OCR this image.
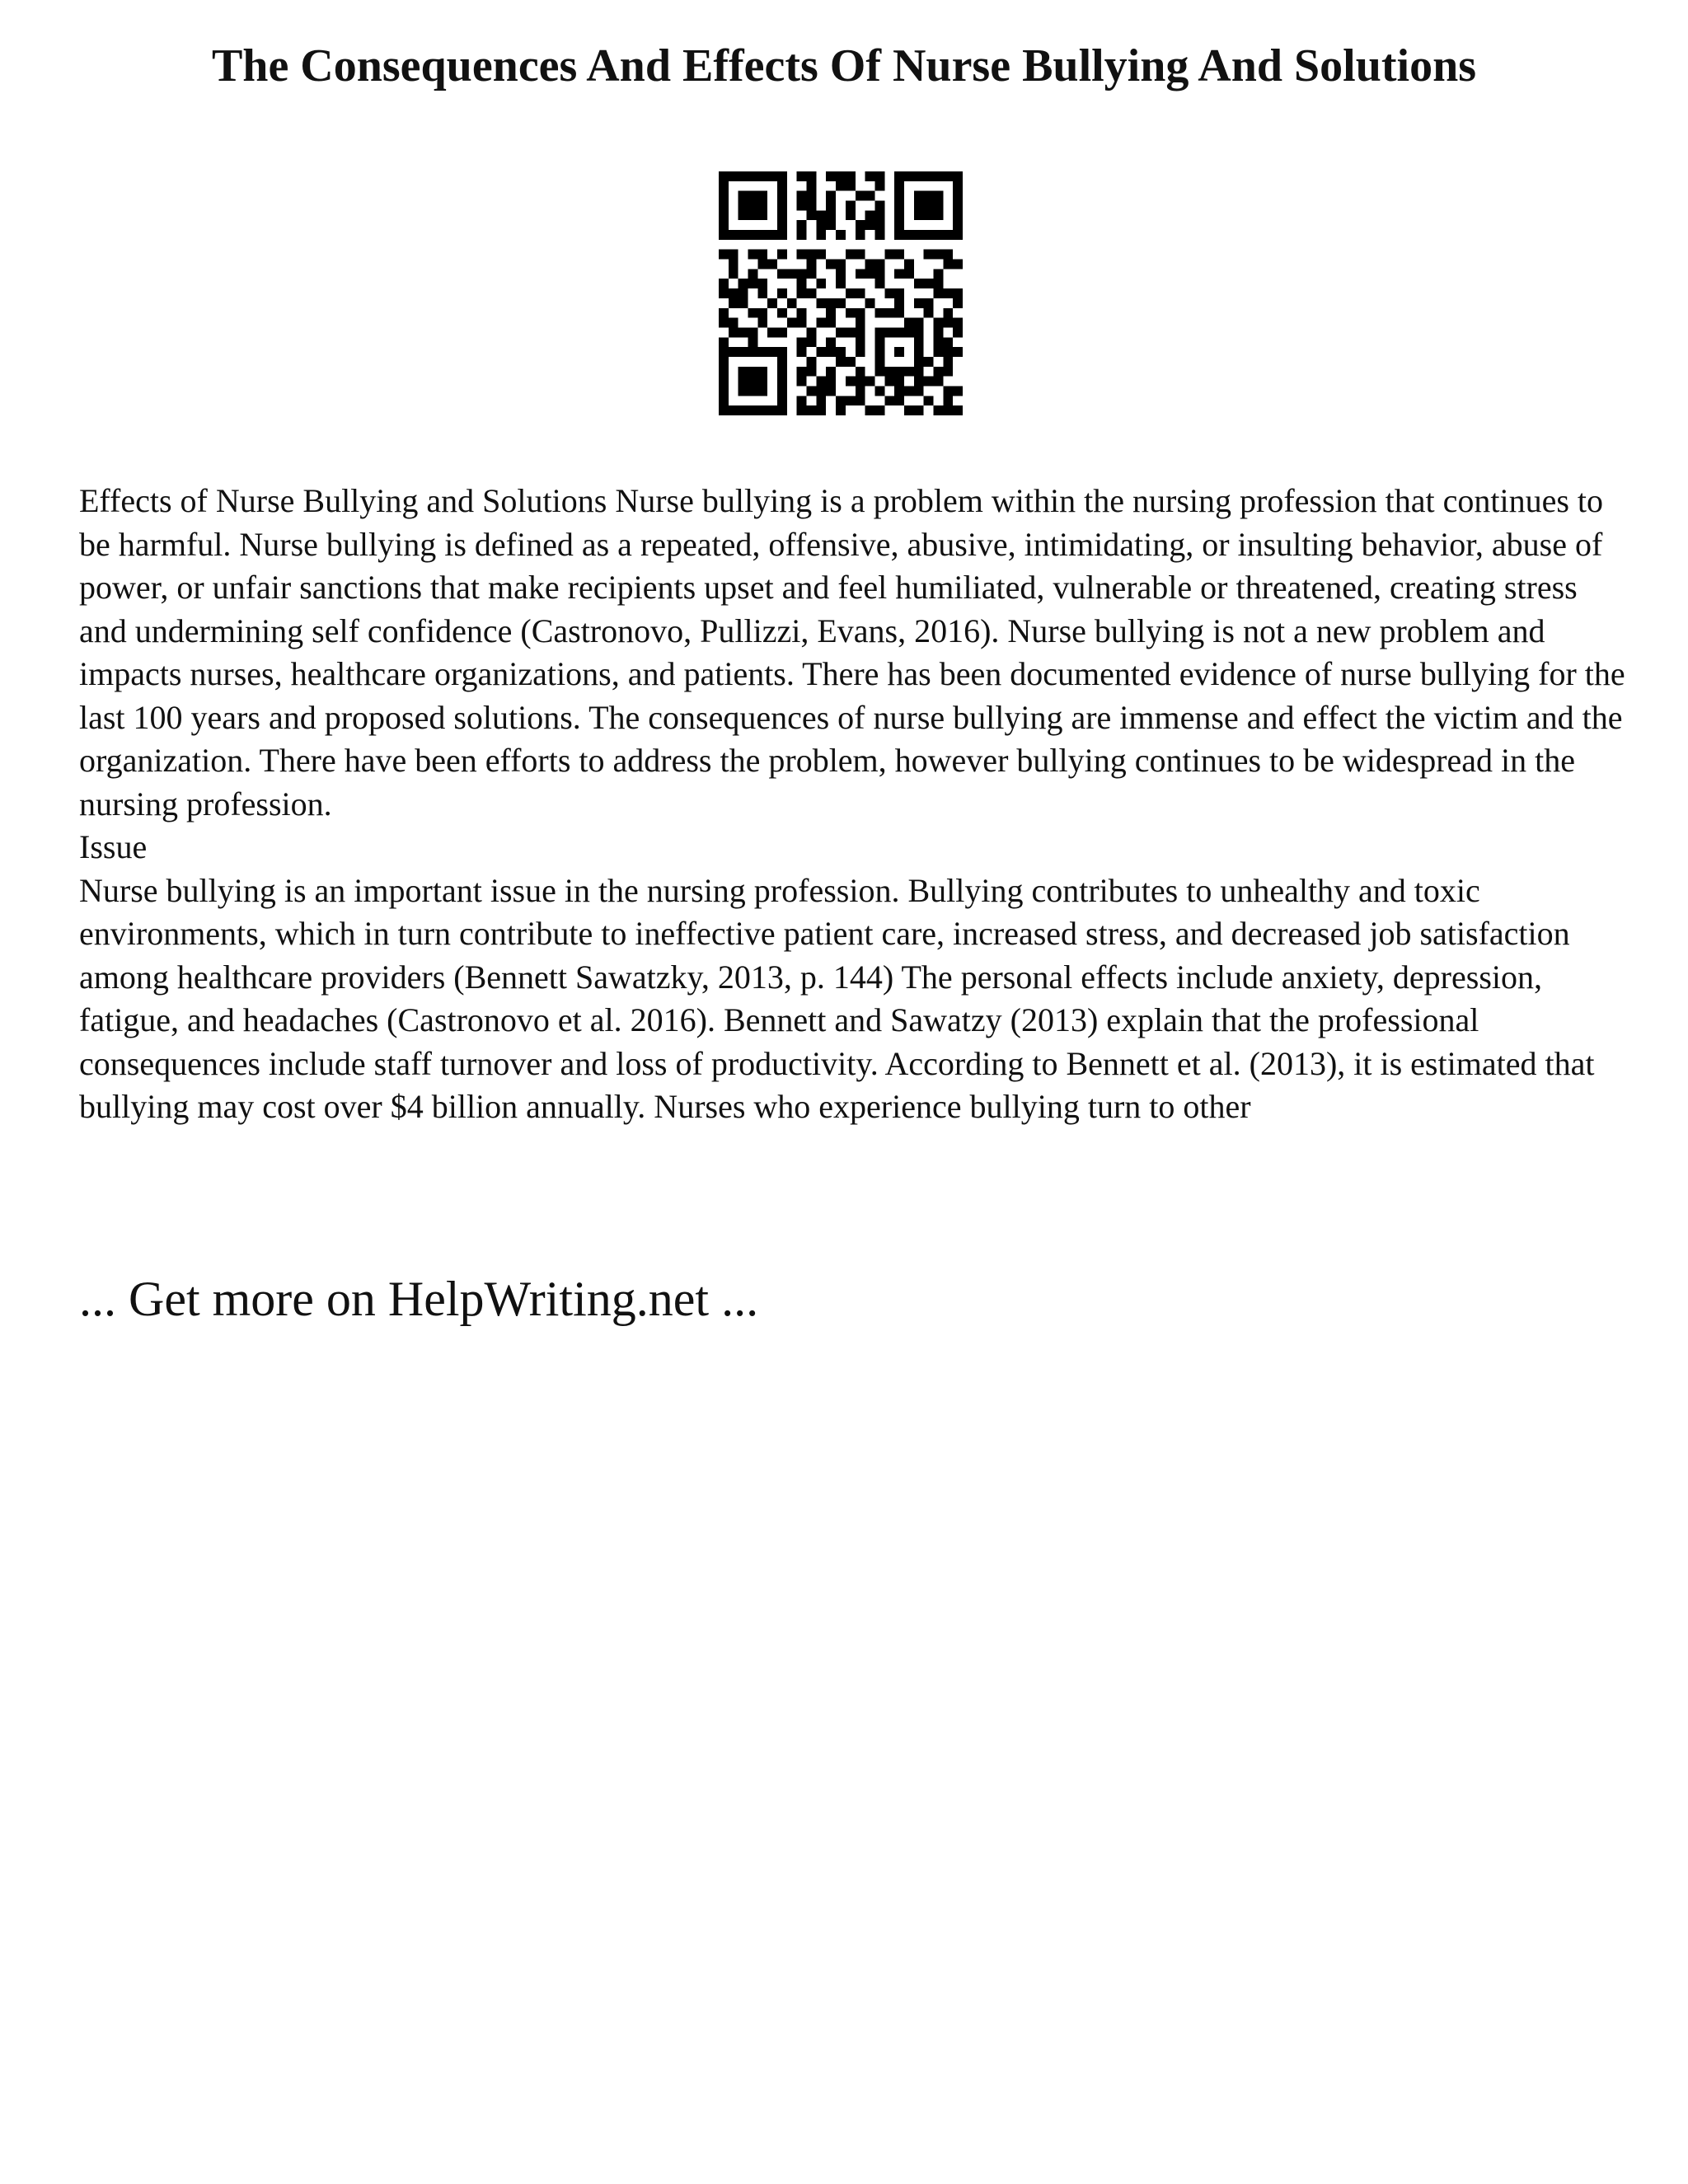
The Consequences And Effects Of Nurse Bullying And Solutions

Effects of Nurse Bullying and Solutions Nurse bullying is a problem within the nursing profession that continues to be harmful. Nurse bullying is defined as a repeated, offensive, abusive, intimidating, or insulting behavior, abuse of power, or unfair sanctions that make recipients upset and feel humiliated, vulnerable or threatened, creating stress and undermining self confidence (Castronovo, Pullizzi, Evans, 2016). Nurse bullying is not a new problem and impacts nurses, healthcare organizations, and patients. There has been documented evidence of nurse bullying for the last 100 years and proposed solutions. The consequences of nurse bullying are immense and effect the victim and the organization. There have been efforts to address the problem, however bullying continues to be widespread in the nursing profession.

Issue

Nurse bullying is an important issue in the nursing profession. Bullying contributes to unhealthy and toxic environments, which in turn contribute to ineffective patient care, increased stress, and decreased job satisfaction among healthcare providers (Bennett Sawatzky, 2013, p. 144) The personal effects include anxiety, depression, fatigue, and headaches (Castronovo et al. 2016). Bennett and Sawatzy (2013) explain that the professional consequences include staff turnover and loss of productivity. According to Bennett et al. (2013), it is estimated that bullying may cost over $4 billion annually. Nurses who experience bullying turn to other

... Get more on HelpWriting.net ...
